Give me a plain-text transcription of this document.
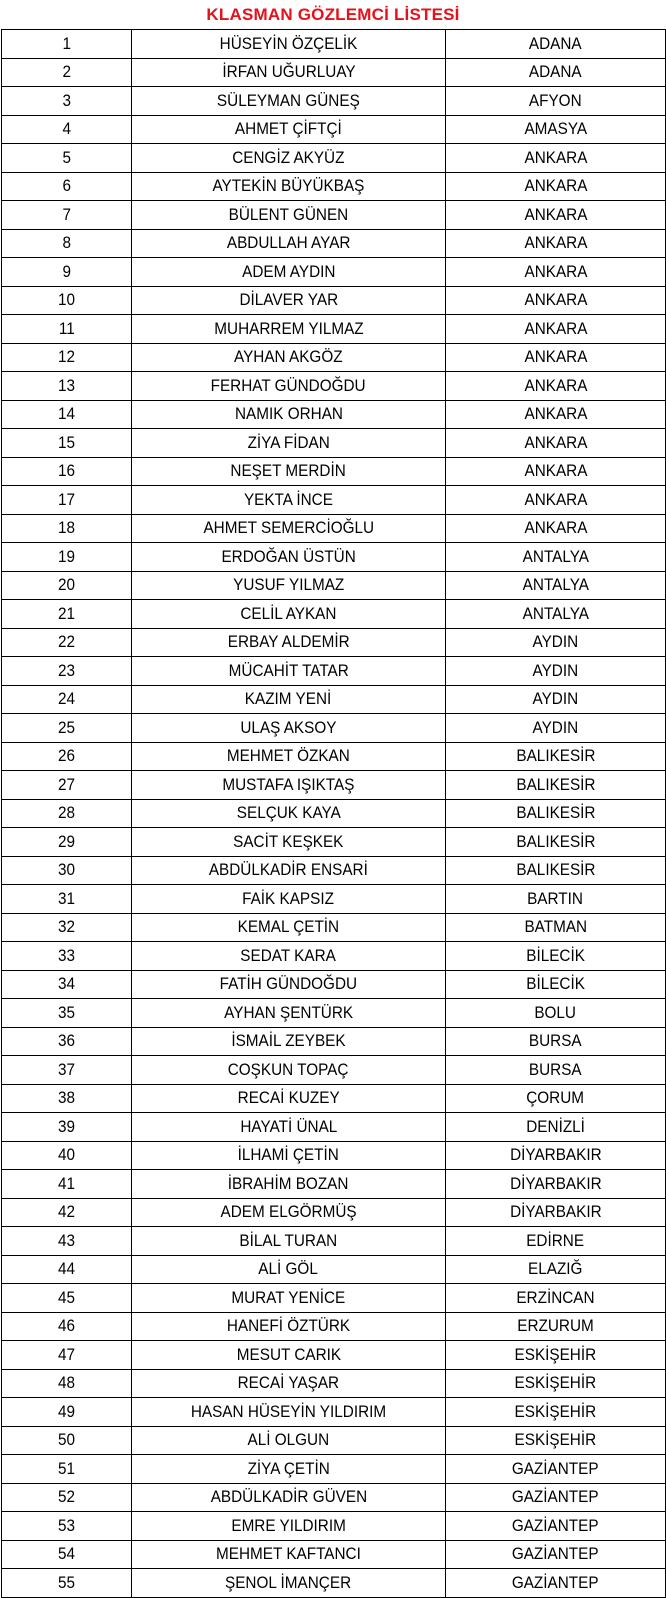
KLASMAN GÖZLEMCİ LİSTESİ
1	HÜSEYİN ÖZÇELİK	ADANA
2	İRFAN UĞURLUAY	ADANA
3	SÜLEYMAN GÜNEŞ	AFYON
4	AHMET ÇİFTÇİ	AMASYA
5	CENGİZ AKYÜZ	ANKARA
6	AYTEKİN BÜYÜKBAŞ	ANKARA
7	BÜLENT GÜNEN	ANKARA
8	ABDULLAH AYAR	ANKARA
9	ADEM AYDIN	ANKARA
10	DİLAVER YAR	ANKARA
11	MUHARREM YILMAZ	ANKARA
12	AYHAN AKGÖZ	ANKARA
13	FERHAT GÜNDOĞDU	ANKARA
14	NAMIK ORHAN	ANKARA
15	ZİYA FİDAN	ANKARA
16	NEŞET MERDİN	ANKARA
17	YEKTA İNCE	ANKARA
18	AHMET SEMERCİOĞLU	ANKARA
19	ERDOĞAN ÜSTÜN	ANTALYA
20	YUSUF YILMAZ	ANTALYA
21	CELİL AYKAN	ANTALYA
22	ERBAY ALDEMİR	AYDIN
23	MÜCAHİT TATAR	AYDIN
24	KAZIM YENİ	AYDIN
25	ULAŞ AKSOY	AYDIN
26	MEHMET ÖZKAN	BALIKESİR
27	MUSTAFA IŞIKTAŞ	BALIKESİR
28	SELÇUK KAYA	BALIKESİR
29	SACİT KEŞKEK	BALIKESİR
30	ABDÜLKADİR ENSARİ	BALIKESİR
31	FAİK KAPSIZ	BARTIN
32	KEMAL ÇETİN	BATMAN
33	SEDAT KARA	BİLECİK
34	FATİH GÜNDOĞDU	BİLECİK
35	AYHAN ŞENTÜRK	BOLU
36	İSMAİL ZEYBEK	BURSA
37	COŞKUN TOPAÇ	BURSA
38	RECAİ KUZEY	ÇORUM
39	HAYATİ ÜNAL	DENİZLİ
40	İLHAMİ ÇETİN	DİYARBAKIR
41	İBRAHİM BOZAN	DİYARBAKIR
42	ADEM ELGÖRMÜŞ	DİYARBAKIR
43	BİLAL TURAN	EDİRNE
44	ALİ GÖL	ELAZIĞ
45	MURAT YENİCE	ERZİNCAN
46	HANEFİ ÖZTÜRK	ERZURUM
47	MESUT CARIK	ESKİŞEHİR
48	RECAİ YAŞAR	ESKİŞEHİR
49	HASAN HÜSEYİN YILDIRIM	ESKİŞEHİR
50	ALİ OLGUN	ESKİŞEHİR
51	ZİYA ÇETİN	GAZİANTEP
52	ABDÜLKADİR GÜVEN	GAZİANTEP
53	EMRE YILDIRIM	GAZİANTEP
54	MEHMET KAFTANCI	GAZİANTEP
55	ŞENOL İMANÇER	GAZİANTEP
